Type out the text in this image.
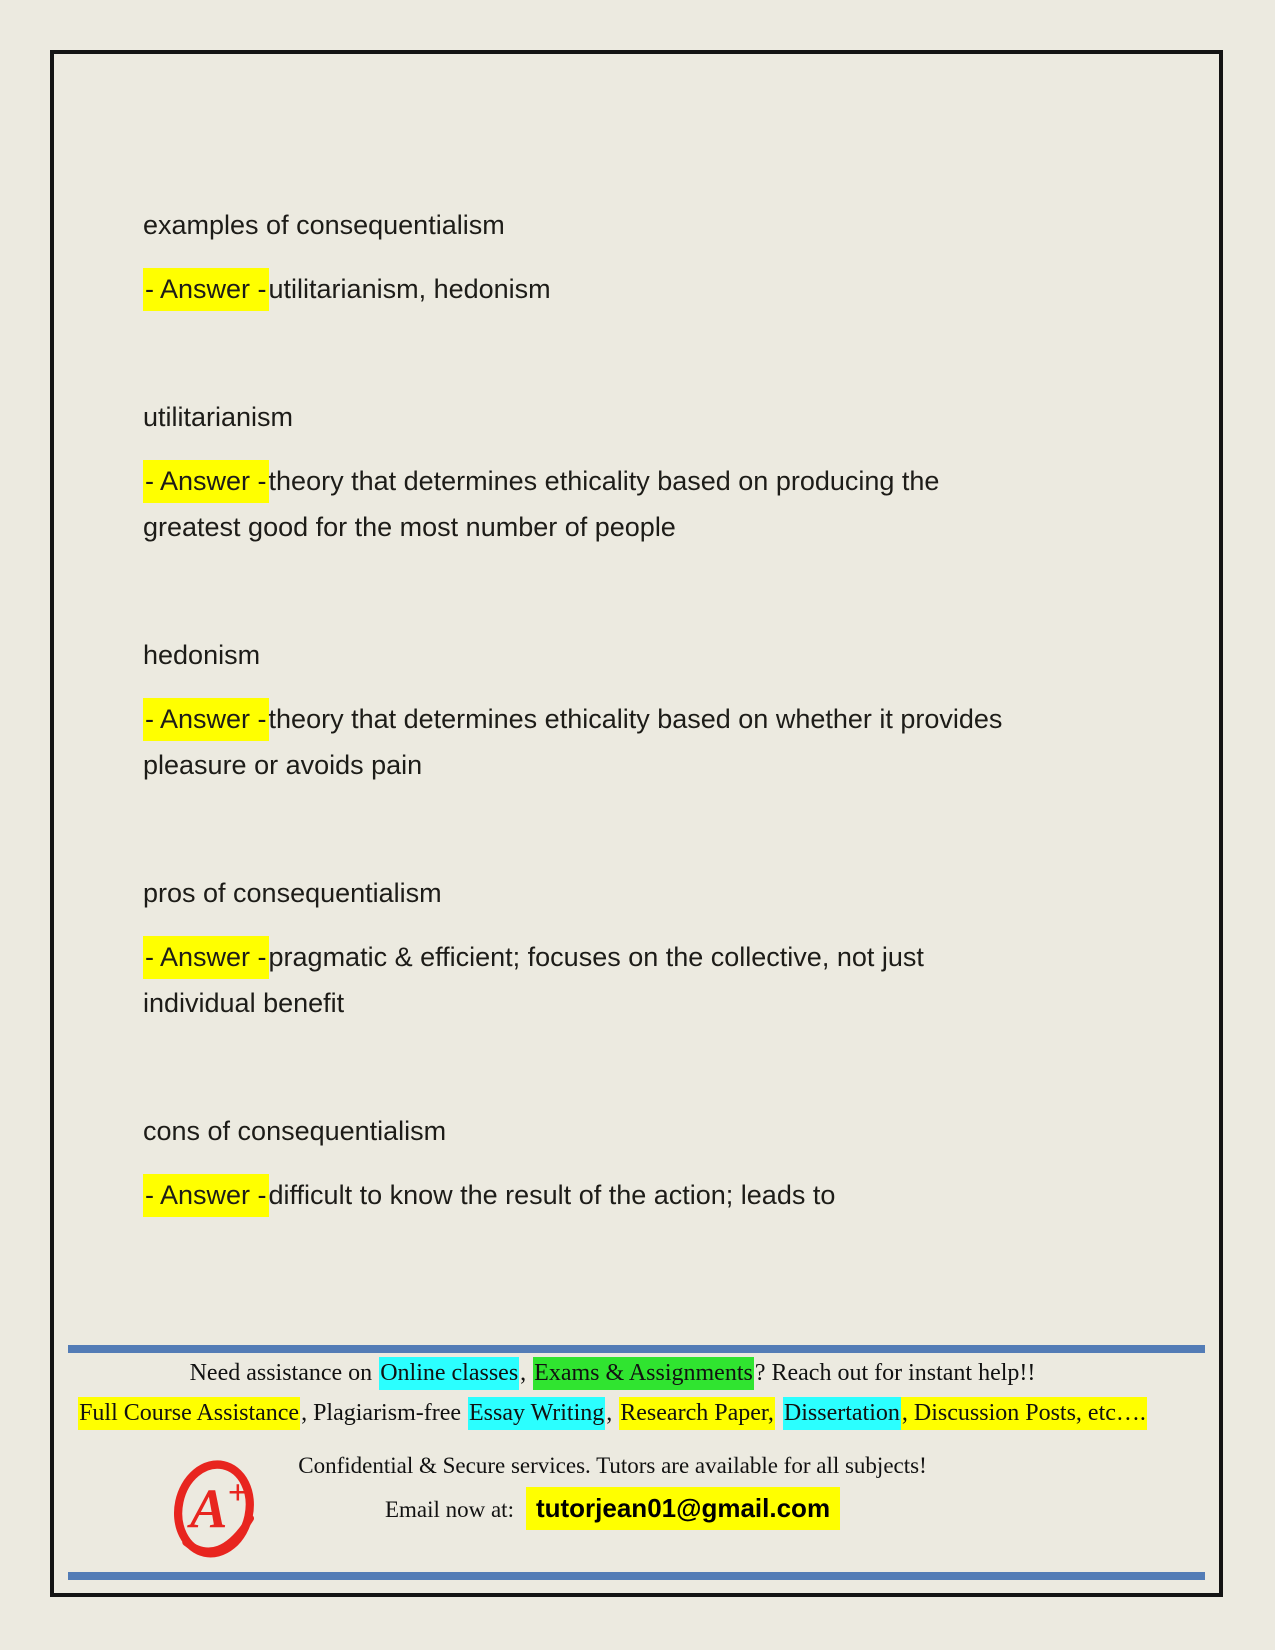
examples of consequentialism

- Answer -utilitarianism, hedonism

utilitarianism

- Answer -theory that determines ethicality based on producing the greatest good for the most number of people

hedonism

- Answer -theory that determines ethicality based on whether it provides pleasure or avoids pain

pros of consequentialism

- Answer -pragmatic & efficient; focuses on the collective, not just individual benefit

cons of consequentialism

- Answer -difficult to know the result of the action; leads to

Need assistance on Online classes, Exams & Assignments? Reach out for instant help!!
Full Course Assistance, Plagiarism-free Essay Writing, Research Paper, Dissertation, Discussion Posts, etc….
A +
Confidential & Secure services. Tutors are available for all subjects!
Email now at: tutorjean01@gmail.com
